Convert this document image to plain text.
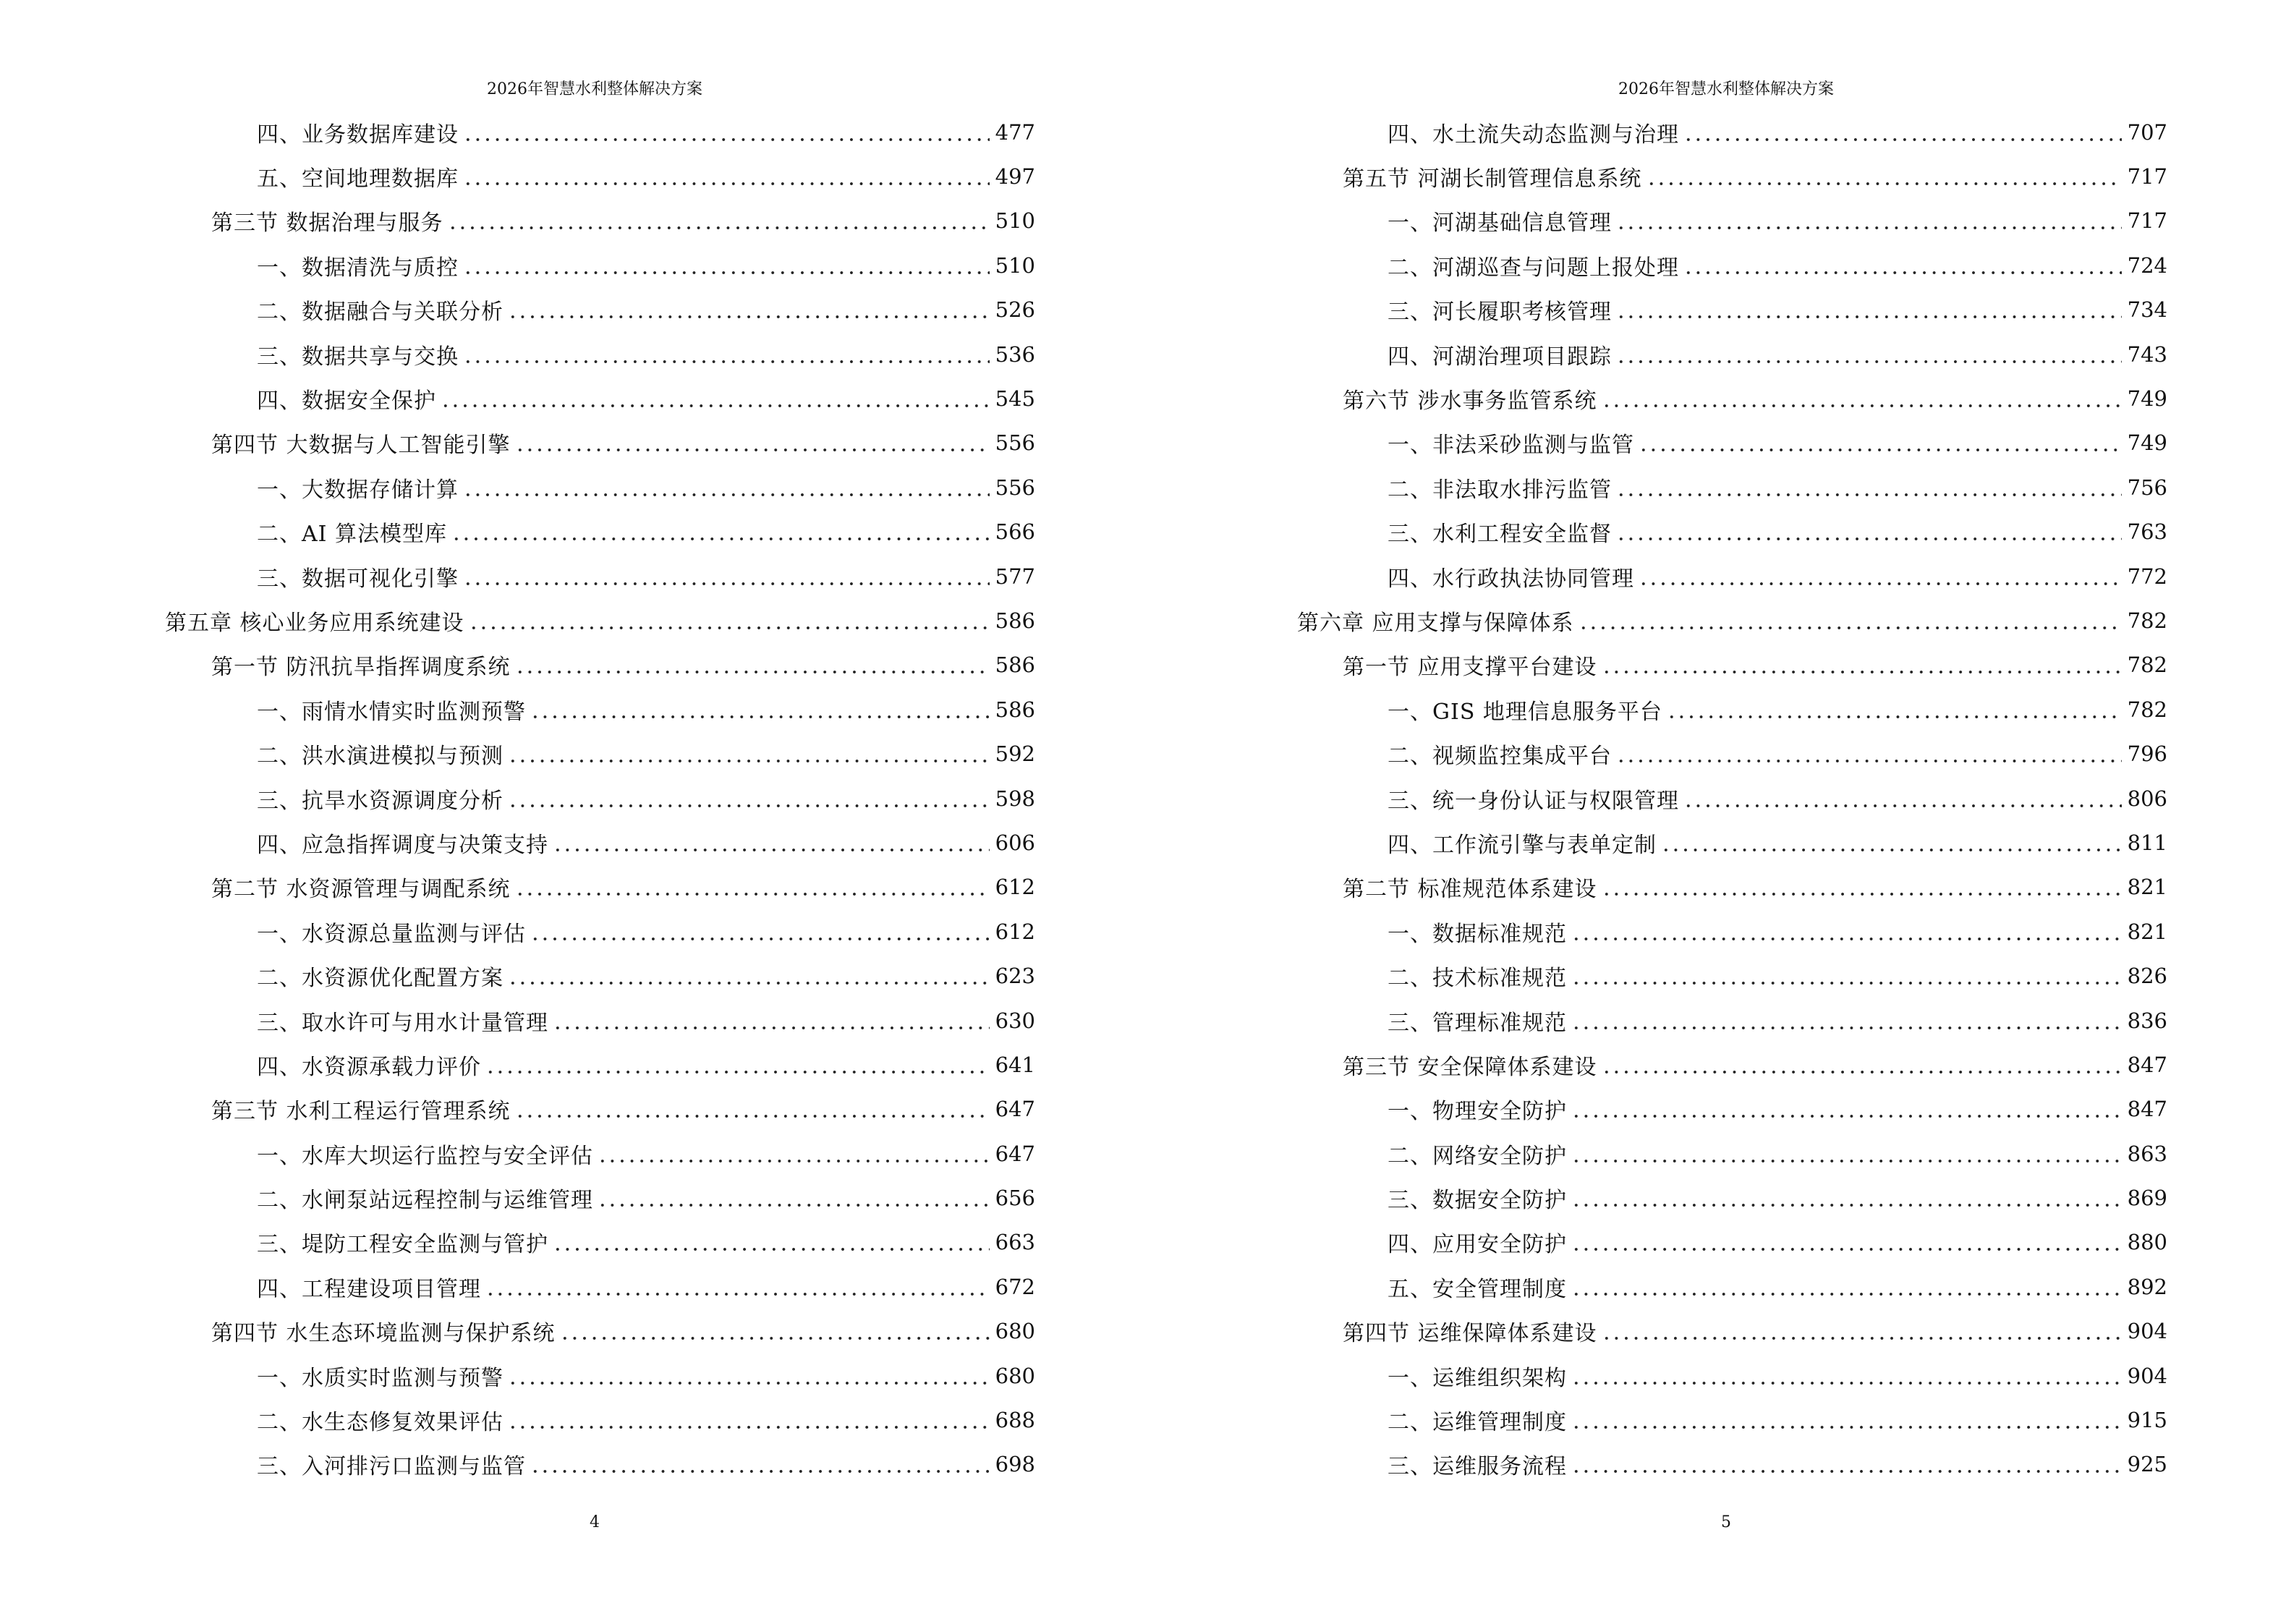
2026年智慧水利整体解决方案
四、业务数据库建设	477
五、空间地理数据库	497
第三节 数据治理与服务	510
一、数据清洗与质控	510
二、数据融合与关联分析	526
三、数据共享与交换	536
四、数据安全保护	545
第四节 大数据与人工智能引擎	556
一、大数据存储计算	556
二、AI 算法模型库	566
三、数据可视化引擎	577
第五章 核心业务应用系统建设	586
第一节 防汛抗旱指挥调度系统	586
一、雨情水情实时监测预警	586
二、洪水演进模拟与预测	592
三、抗旱水资源调度分析	598
四、应急指挥调度与决策支持	606
第二节 水资源管理与调配系统	612
一、水资源总量监测与评估	612
二、水资源优化配置方案	623
三、取水许可与用水计量管理	630
四、水资源承载力评价	641
第三节 水利工程运行管理系统	647
一、水库大坝运行监控与安全评估	647
二、水闸泵站远程控制与运维管理	656
三、堤防工程安全监测与管护	663
四、工程建设项目管理	672
第四节 水生态环境监测与保护系统	680
一、水质实时监测与预警	680
二、水生态修复效果评估	688
三、入河排污口监测与监管	698
4
2026年智慧水利整体解决方案
四、水土流失动态监测与治理	707
第五节 河湖长制管理信息系统	717
一、河湖基础信息管理	717
二、河湖巡查与问题上报处理	724
三、河长履职考核管理	734
四、河湖治理项目跟踪	743
第六节 涉水事务监管系统	749
一、非法采砂监测与监管	749
二、非法取水排污监管	756
三、水利工程安全监督	763
四、水行政执法协同管理	772
第六章 应用支撑与保障体系	782
第一节 应用支撑平台建设	782
一、GIS 地理信息服务平台	782
二、视频监控集成平台	796
三、统一身份认证与权限管理	806
四、工作流引擎与表单定制	811
第二节 标准规范体系建设	821
一、数据标准规范	821
二、技术标准规范	826
三、管理标准规范	836
第三节 安全保障体系建设	847
一、物理安全防护	847
二、网络安全防护	863
三、数据安全防护	869
四、应用安全防护	880
五、安全管理制度	892
第四节 运维保障体系建设	904
一、运维组织架构	904
二、运维管理制度	915
三、运维服务流程	925
5
